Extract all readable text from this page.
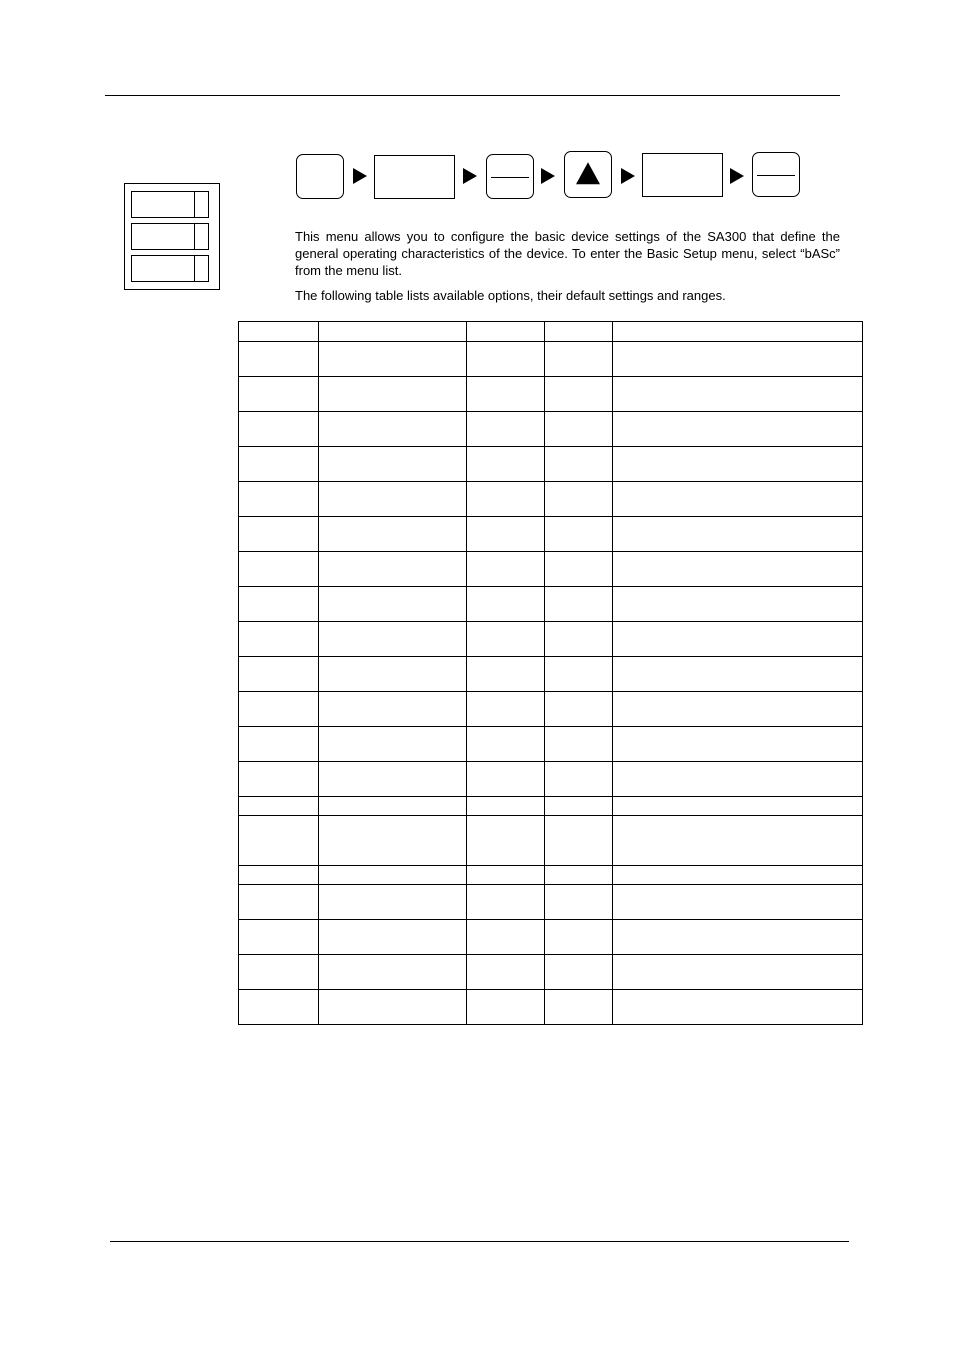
This menu allows you to configure the basic device settings of the SA300 that define the general operating characteristics of the device. To enter the Basic Setup menu, select “bASc” from the menu list.

The following table lists available options, their default settings and ranges.
